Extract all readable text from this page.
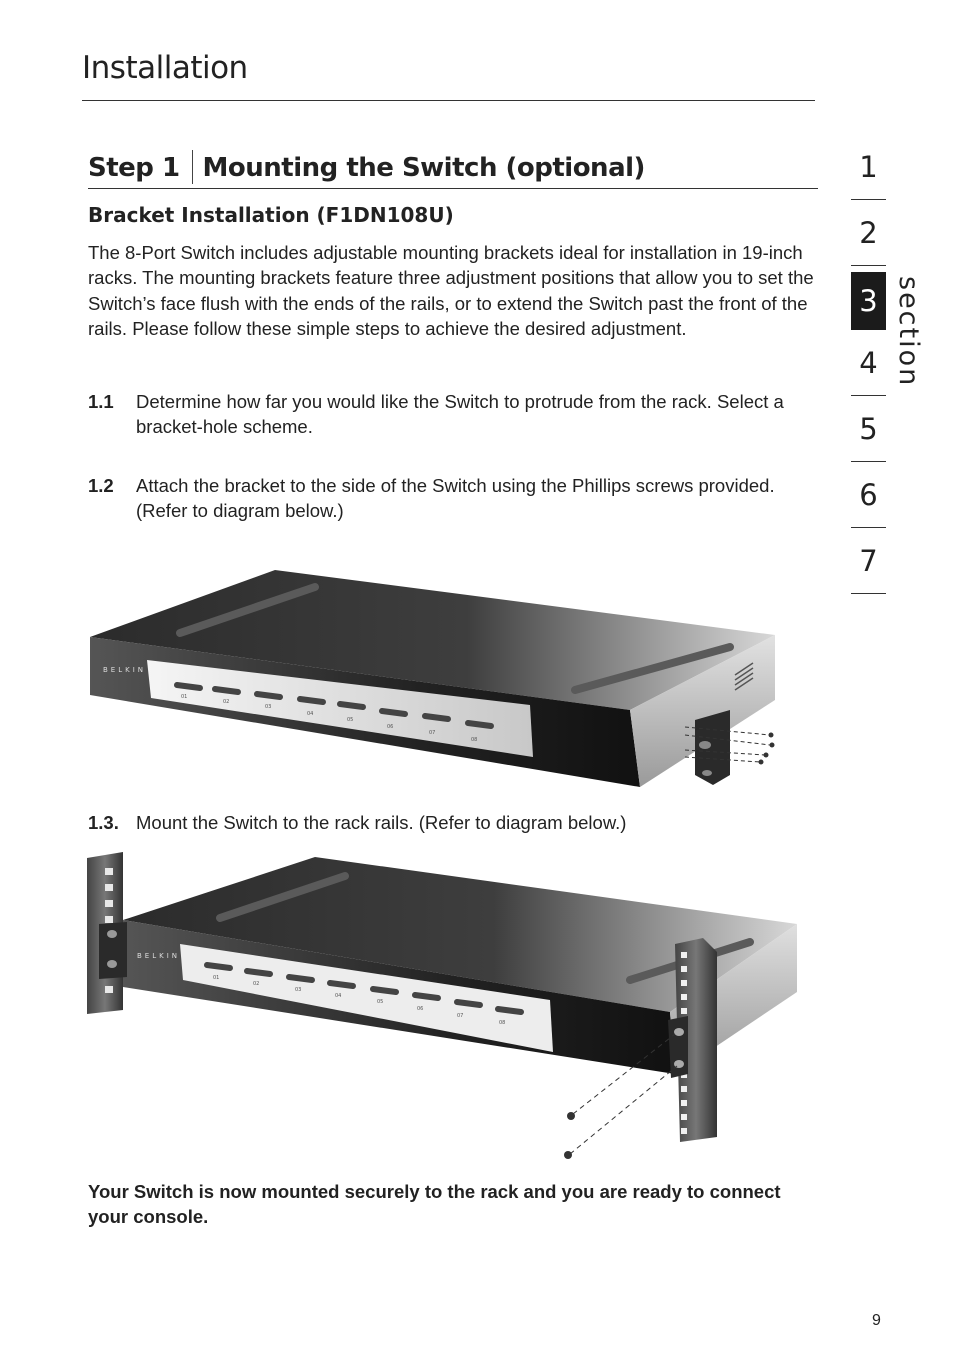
Installation
Step 1 Mounting the Switch (optional)
Bracket Installation (F1DN108U)
The 8-Port Switch includes adjustable mounting brackets ideal for installation in 19-inch racks. The mounting brackets feature three adjustment positions that allow you to set the Switch’s face flush with the ends of the rails, or to extend the Switch past the front of the rails. Please follow these simple steps to achieve the desired adjustment.
1.1 Determine how far you would like the Switch to protrude from the rack. Select a bracket-hole scheme.
1.2 Attach the bracket to the side of the Switch using the Phillips screws provided. (Refer to diagram below.)
BELKIN
01
02
03
04
05
06
07
08
1.3. Mount the Switch to the rack rails. (Refer to diagram below.)
BELKIN
01
02
03
04
05
06
07
08
Your Switch is now mounted securely to the rack and you are ready to connect your console.
9
1
2
3
4
5
6
7
section
